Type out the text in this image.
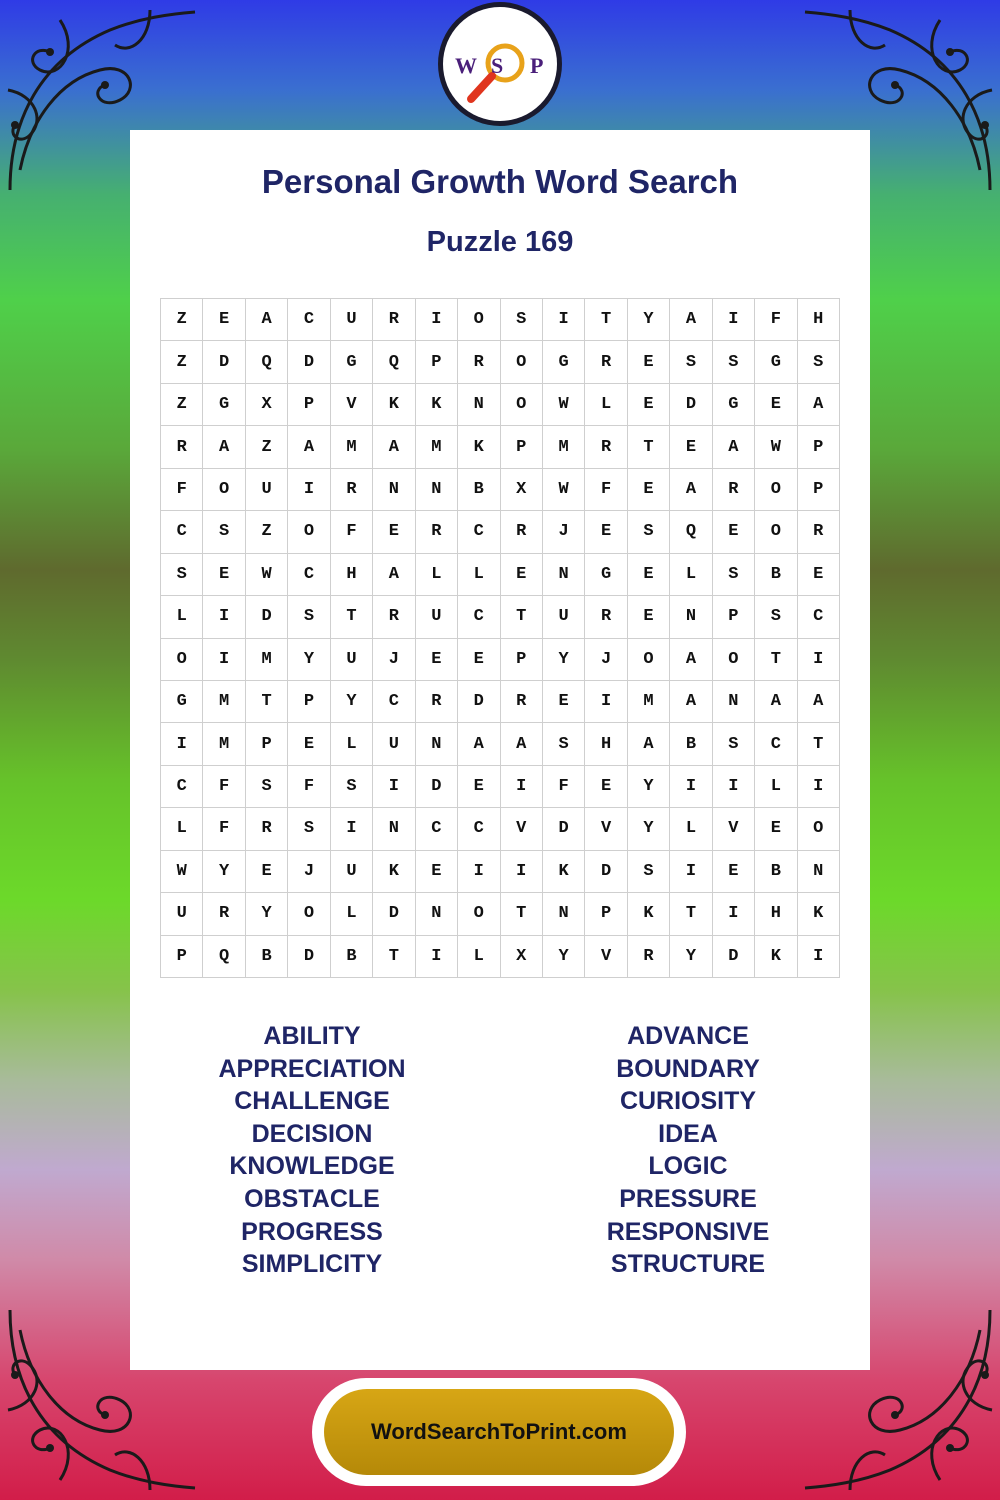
W S P
Personal Growth Word Search
Puzzle 169
Z	E	A	C	U	R	I	O	S	I	T	Y	A	I	F	H
Z	D	Q	D	G	Q	P	R	O	G	R	E	S	S	G	S
Z	G	X	P	V	K	K	N	O	W	L	E	D	G	E	A
R	A	Z	A	M	A	M	K	P	M	R	T	E	A	W	P
F	O	U	I	R	N	N	B	X	W	F	E	A	R	O	P
C	S	Z	O	F	E	R	C	R	J	E	S	Q	E	O	R
S	E	W	C	H	A	L	L	E	N	G	E	L	S	B	E
L	I	D	S	T	R	U	C	T	U	R	E	N	P	S	C
O	I	M	Y	U	J	E	E	P	Y	J	O	A	O	T	I
G	M	T	P	Y	C	R	D	R	E	I	M	A	N	A	A
I	M	P	E	L	U	N	A	A	S	H	A	B	S	C	T
C	F	S	F	S	I	D	E	I	F	E	Y	I	I	L	I
L	F	R	S	I	N	C	C	V	D	V	Y	L	V	E	O
W	Y	E	J	U	K	E	I	I	K	D	S	I	E	B	N
U	R	Y	O	L	D	N	O	T	N	P	K	T	I	H	K
P	Q	B	D	B	T	I	L	X	Y	V	R	Y	D	K	I
ABILITY
APPRECIATION
CHALLENGE
DECISION
KNOWLEDGE
OBSTACLE
PROGRESS
SIMPLICITY
ADVANCE
BOUNDARY
CURIOSITY
IDEA
LOGIC
PRESSURE
RESPONSIVE
STRUCTURE
WordSearchToPrint.com
